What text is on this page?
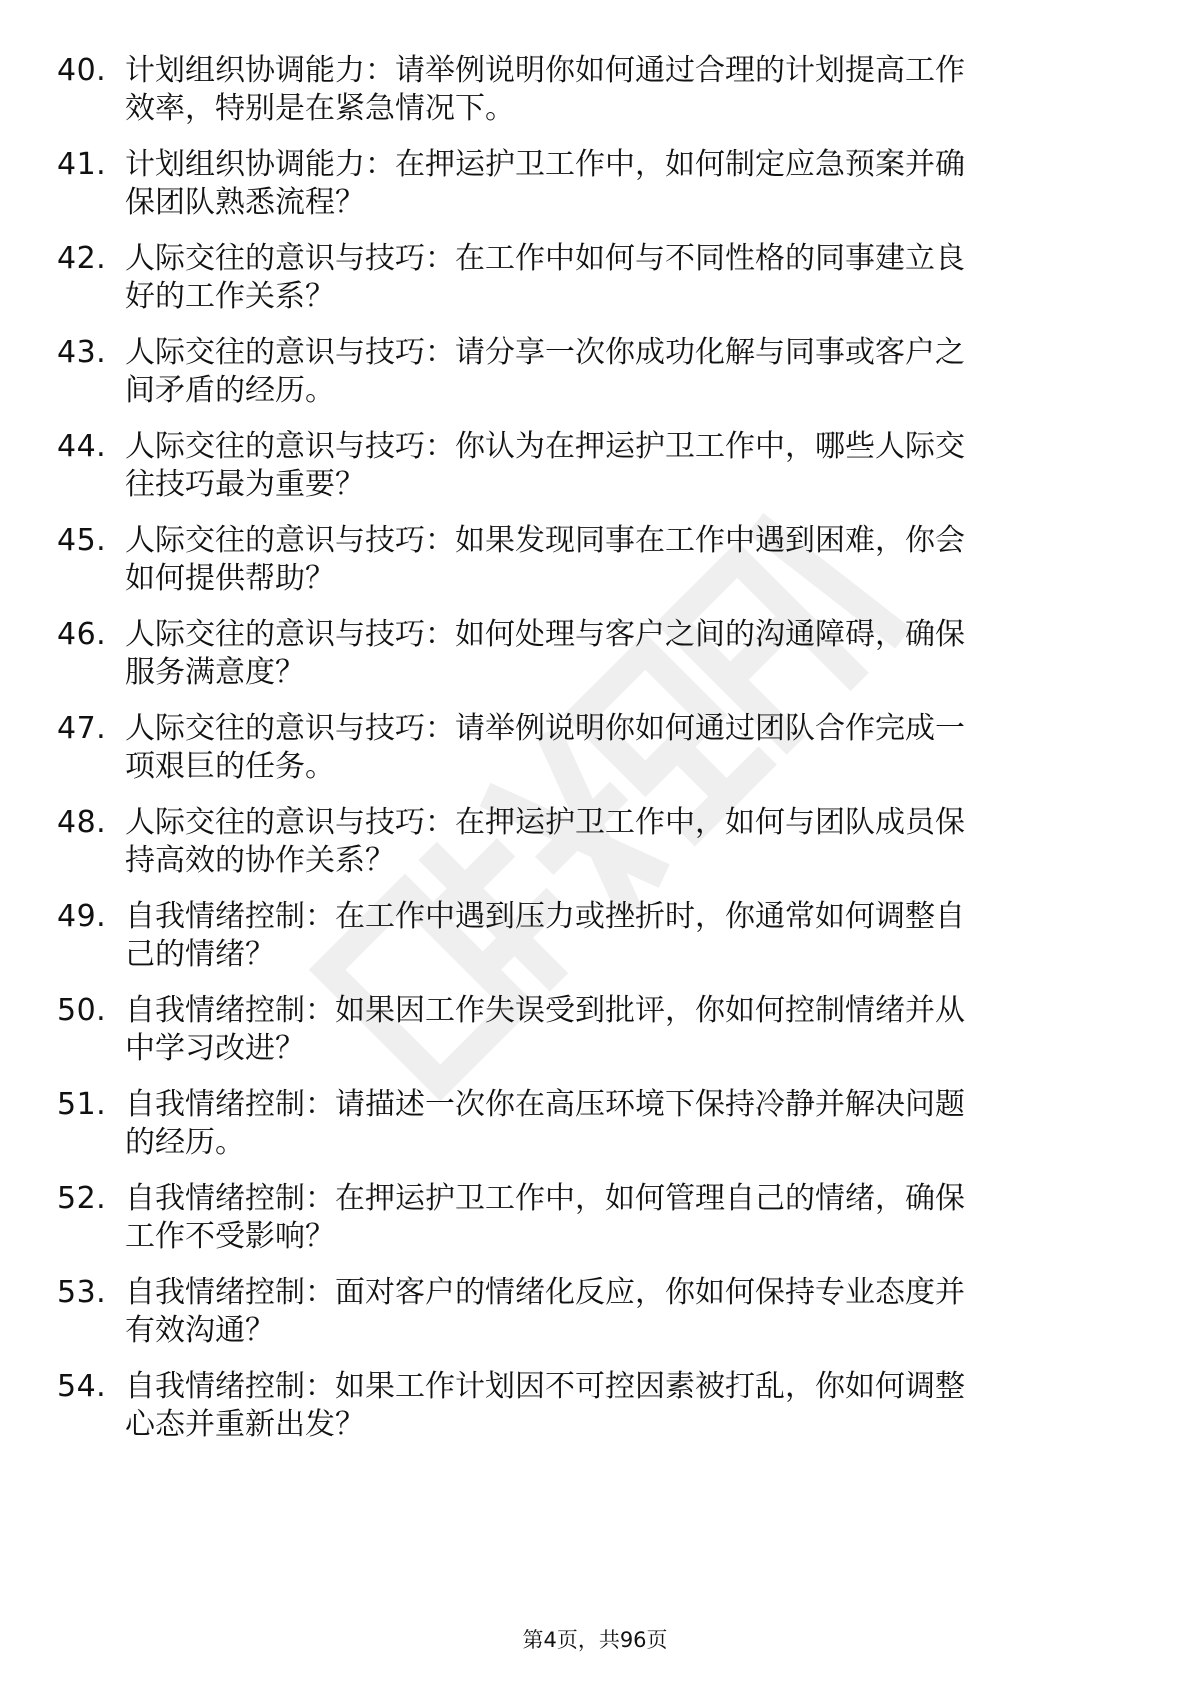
40. 计划组织协调能力：请举例说明你如何通过合理的计划提高工作
效率，特别是在紧急情况下。
41. 计划组织协调能力：在押运护卫工作中，如何制定应急预案并确
保团队熟悉流程？
42. 人际交往的意识与技巧：在工作中如何与不同性格的同事建立良
好的工作关系？
43. 人际交往的意识与技巧：请分享一次你成功化解与同事或客户之
间矛盾的经历。
44. 人际交往的意识与技巧：你认为在押运护卫工作中，哪些人际交
往技巧最为重要？
45. 人际交往的意识与技巧：如果发现同事在工作中遇到困难，你会
如何提供帮助？
46. 人际交往的意识与技巧：如何处理与客户之间的沟通障碍，确保
服务满意度？
47. 人际交往的意识与技巧：请举例说明你如何通过团队合作完成一
项艰巨的任务。
48. 人际交往的意识与技巧：在押运护卫工作中，如何与团队成员保
持高效的协作关系？
49. 自我情绪控制：在工作中遇到压力或挫折时，你通常如何调整自
己的情绪？
50. 自我情绪控制：如果因工作失误受到批评，你如何控制情绪并从
中学习改进？
51. 自我情绪控制：请描述一次你在高压环境下保持冷静并解决问题
的经历。
52. 自我情绪控制：在押运护卫工作中，如何管理自己的情绪，确保
工作不受影响？
53. 自我情绪控制：面对客户的情绪化反应，你如何保持专业态度并
有效沟通？
54. 自我情绪控制：如果工作计划因不可控因素被打乱，你如何调整
心态并重新出发？
第4页，共96页
